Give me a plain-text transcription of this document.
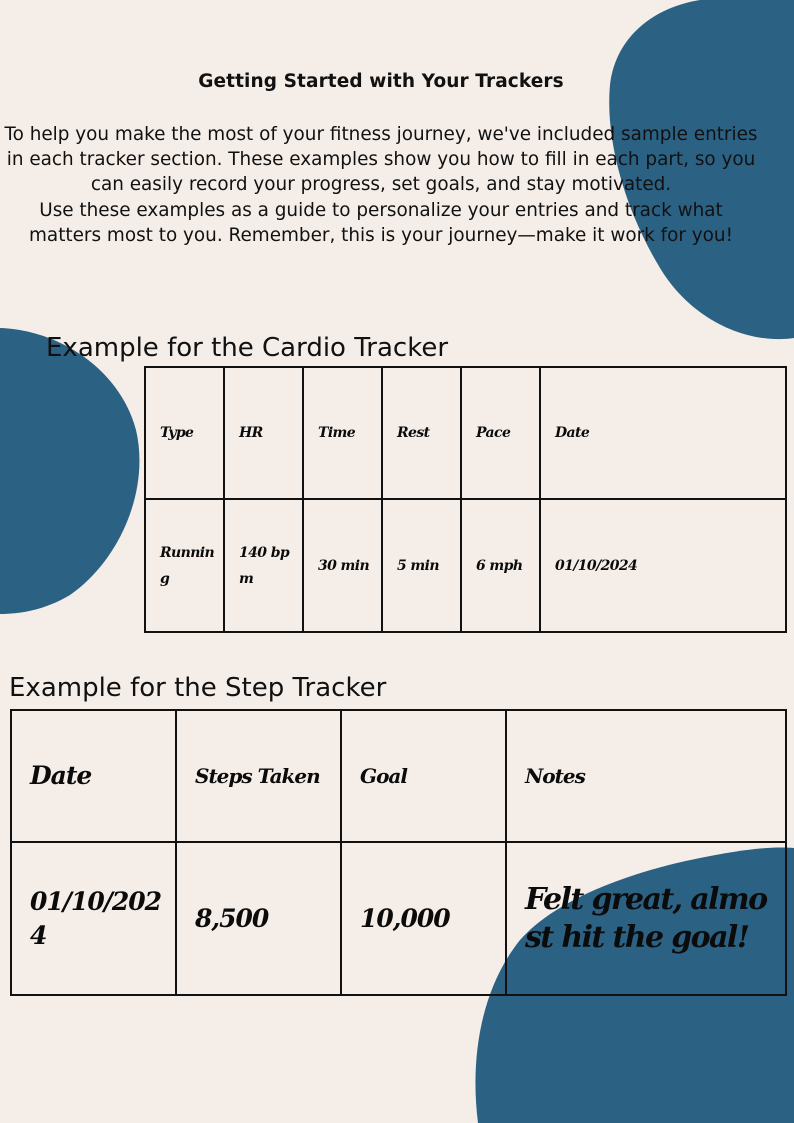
Getting Started with Your Trackers

To help you make the most of your fitness journey, we've included sample entries in each tracker section. These examples show you how to fill in each part, so you can easily record your progress, set goals, and stay motivated.

Use these examples as a guide to personalize your entries and track what matters most to you. Remember, this is your journey—make it work for you!

Example for the Cardio Tracker
Type	HR	Time	Rest	Pace	Date
Running	140 bpm	30 min	5 min	6 mph	01/10/2024
Example for the Step Tracker
Date	Steps Taken	Goal	Notes
01/10/2024	8,500	10,000	Felt great, almost hit the goal!
